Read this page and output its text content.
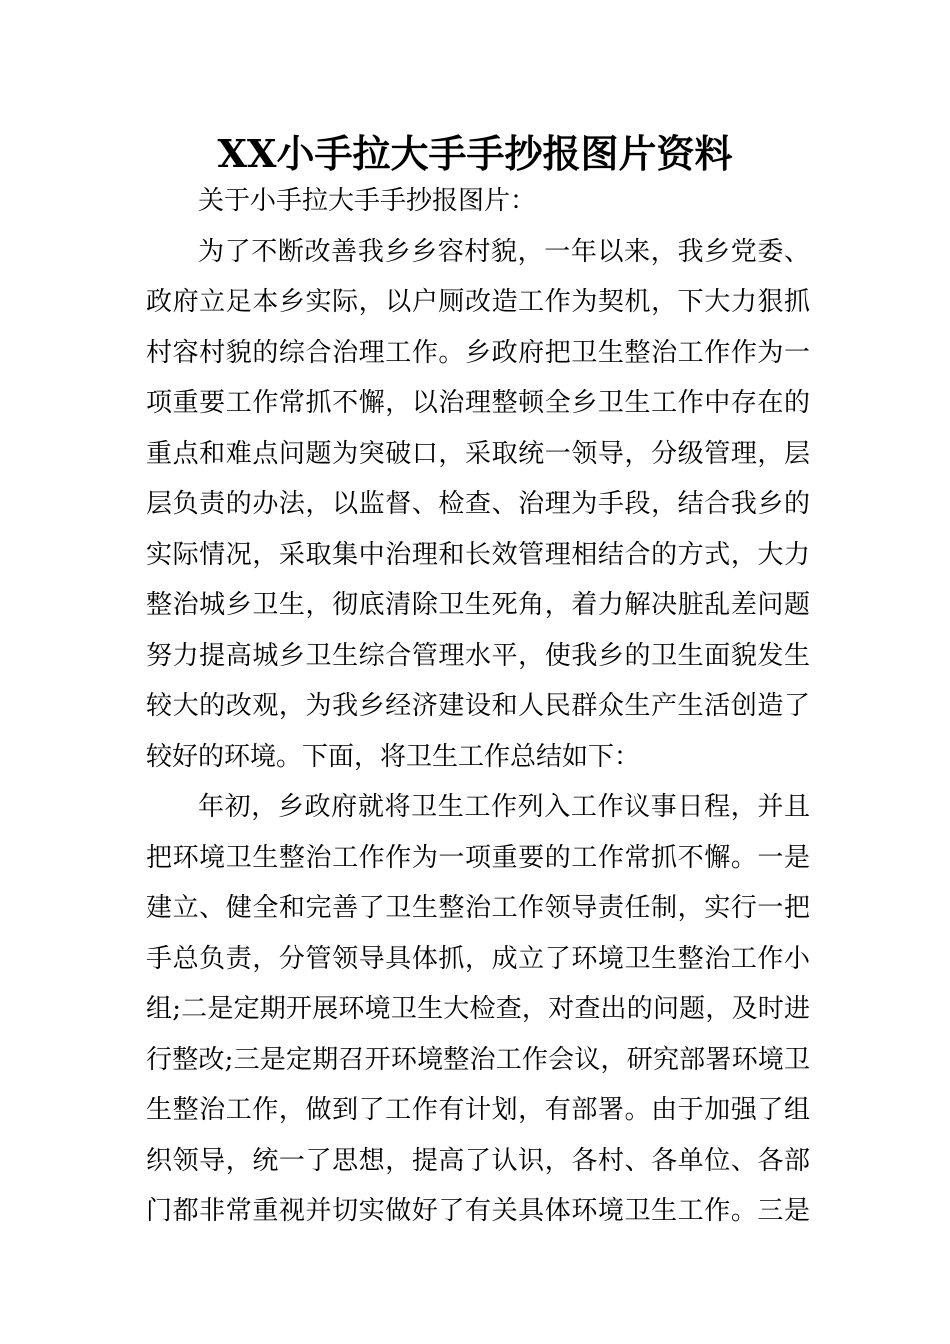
XX小手拉大手手抄报图片资料
关于小手拉大手手抄报图片：
为了不断改善我乡乡容村貌，一年以来，我乡党委、
政府立足本乡实际，以户厕改造工作为契机，下大力狠抓
村容村貌的综合治理工作。乡政府把卫生整治工作作为一
项重要工作常抓不懈，以治理整顿全乡卫生工作中存在的
重点和难点问题为突破口，采取统一领导，分级管理，层
层负责的办法，以监督、检查、治理为手段，结合我乡的
实际情况，采取集中治理和长效管理相结合的方式，大力
整治城乡卫生，彻底清除卫生死角，着力解决脏乱差问题
努力提高城乡卫生综合管理水平，使我乡的卫生面貌发生
较大的改观，为我乡经济建设和人民群众生产生活创造了
较好的环境。下面，将卫生工作总结如下：
年初，乡政府就将卫生工作列入工作议事日程，并且
把环境卫生整治工作作为一项重要的工作常抓不懈。一是
建立、健全和完善了卫生整治工作领导责任制，实行一把
手总负责，分管领导具体抓，成立了环境卫生整治工作小
组;二是定期开展环境卫生大检查，对查出的问题，及时进
行整改;三是定期召开环境整治工作会议，研究部署环境卫
生整治工作，做到了工作有计划，有部署。由于加强了组
织领导，统一了思想，提高了认识，各村、各单位、各部
门都非常重视并切实做好了有关具体环境卫生工作。三是
